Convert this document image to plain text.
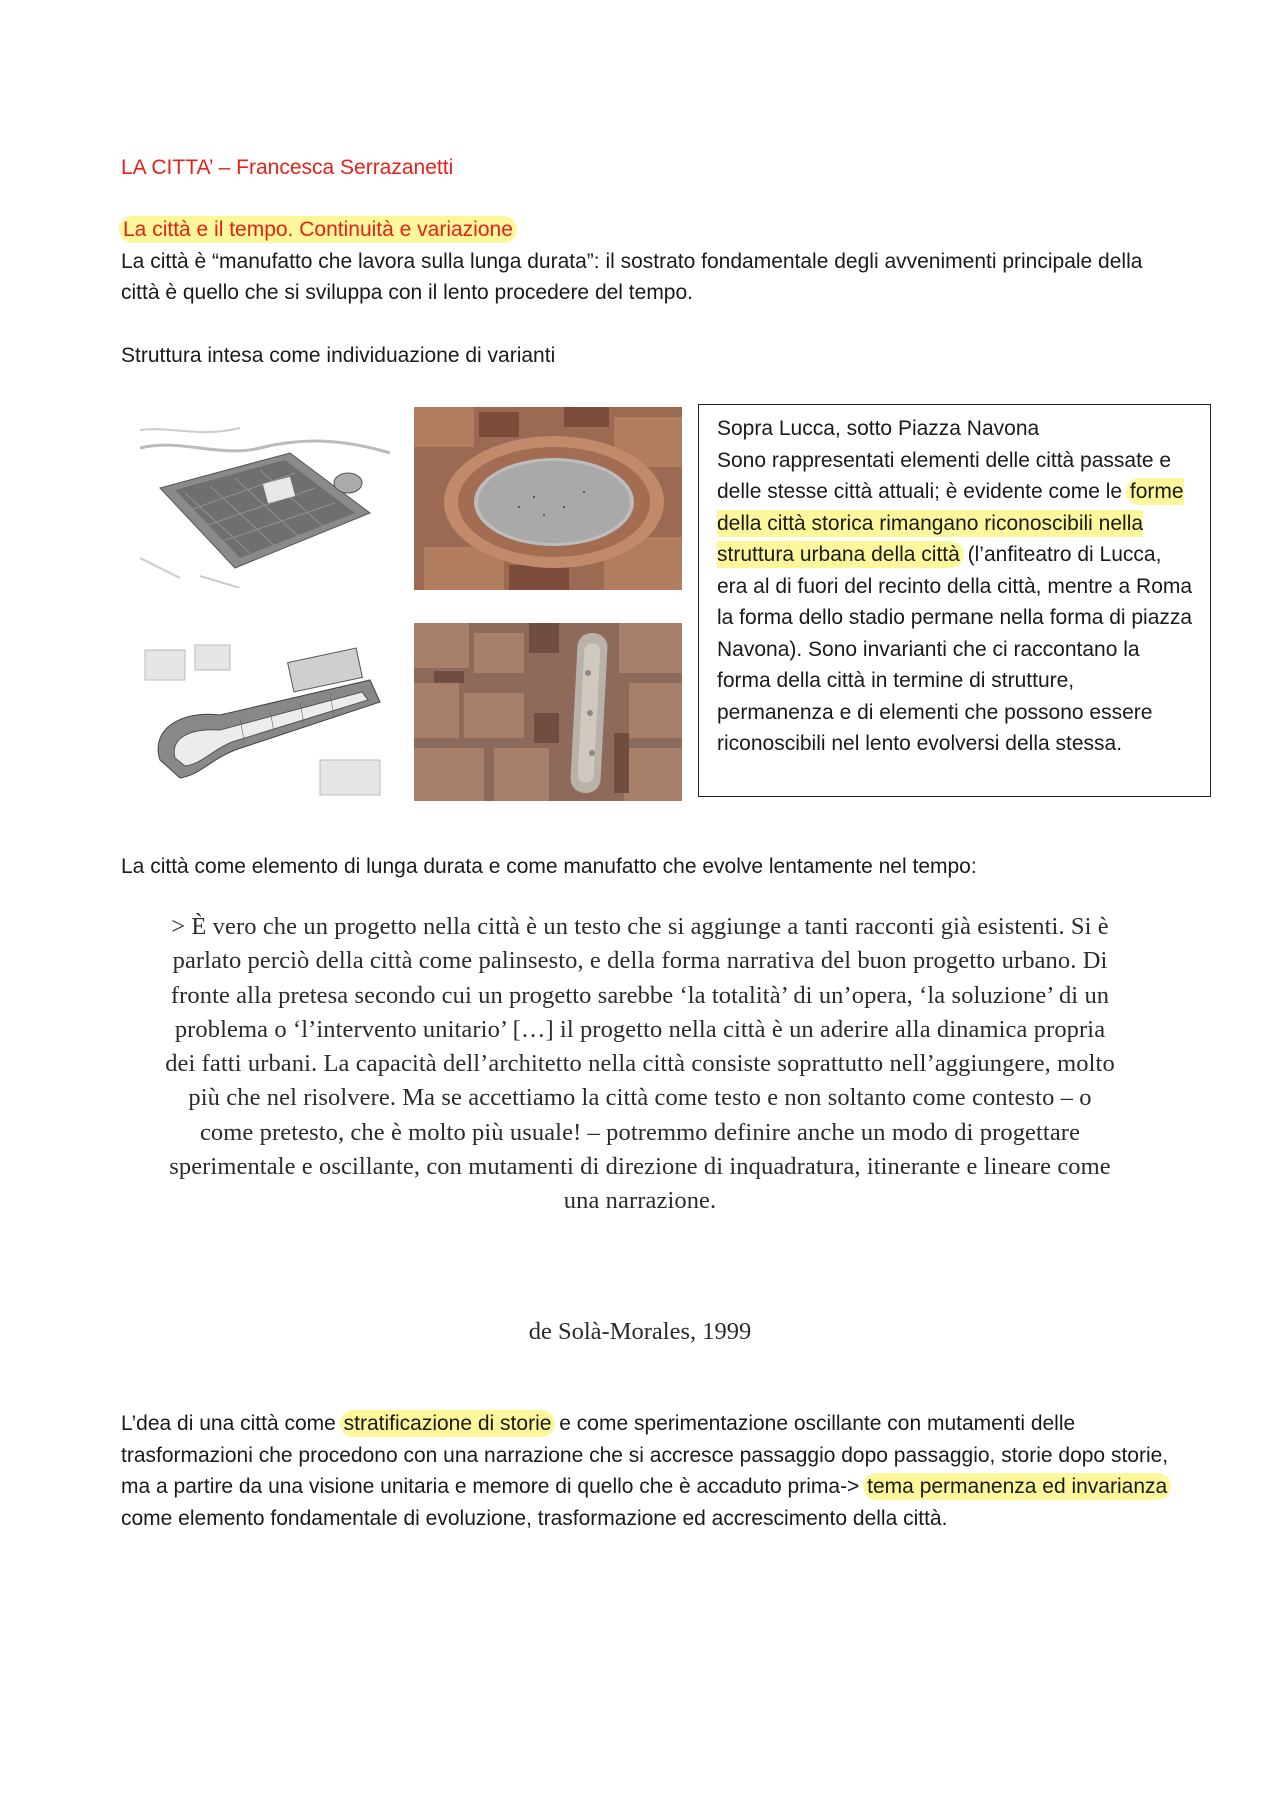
LA CITTA’ – Francesca Serrazanetti

La città e il tempo. Continuità e variazione

La città è “manufatto che lavora sulla lunga durata”: il sostrato fondamentale degli avvenimenti principale della città è quello che si sviluppa con il lento procedere del tempo.

Struttura intesa come individuazione di varianti

Sopra Lucca, sotto Piazza Navona

Sono rappresentati elementi delle città passate e delle stesse città attuali; è evidente come le forme della città storica rimangano riconoscibili nella struttura urbana della città (l’anfiteatro di Lucca, era al di fuori del recinto della città, mentre a Roma la forma dello stadio permane nella forma di piazza Navona). Sono invarianti che ci raccontano la forma della città in termine di strutture, permanenza e di elementi che possono essere riconoscibili nel lento evolversi della stessa.

La città come elemento di lunga durata e come manufatto che evolve lentamente nel tempo:

> È vero che un progetto nella città è un testo che si aggiunge a tanti racconti già esistenti. Si è parlato perciò della città come palinsesto, e della forma narrativa del buon progetto urbano. Di fronte alla pretesa secondo cui un progetto sarebbe ‘la totalità’ di un’opera, ‘la soluzione’ di un problema o ‘l’intervento unitario’ […] il progetto nella città è un aderire alla dinamica propria dei fatti urbani. La capacità dell’architetto nella città consiste soprattutto nell’aggiungere, molto più che nel risolvere. Ma se accettiamo la città come testo e non soltanto come contesto – o come pretesto, che è molto più usuale! – potremmo definire anche un modo di progettare sperimentale e oscillante, con mutamenti di direzione di inquadratura, itinerante e lineare come una narrazione.
de Solà-Morales, 1999

L’dea di una città come stratificazione di storie e come sperimentazione oscillante con mutamenti delle trasformazioni che procedono con una narrazione che si accresce passaggio dopo passaggio, storie dopo storie, ma a partire da una visione unitaria e memore di quello che è accaduto prima-> tema permanenza ed invarianza come elemento fondamentale di evoluzione, trasformazione ed accrescimento della città.
